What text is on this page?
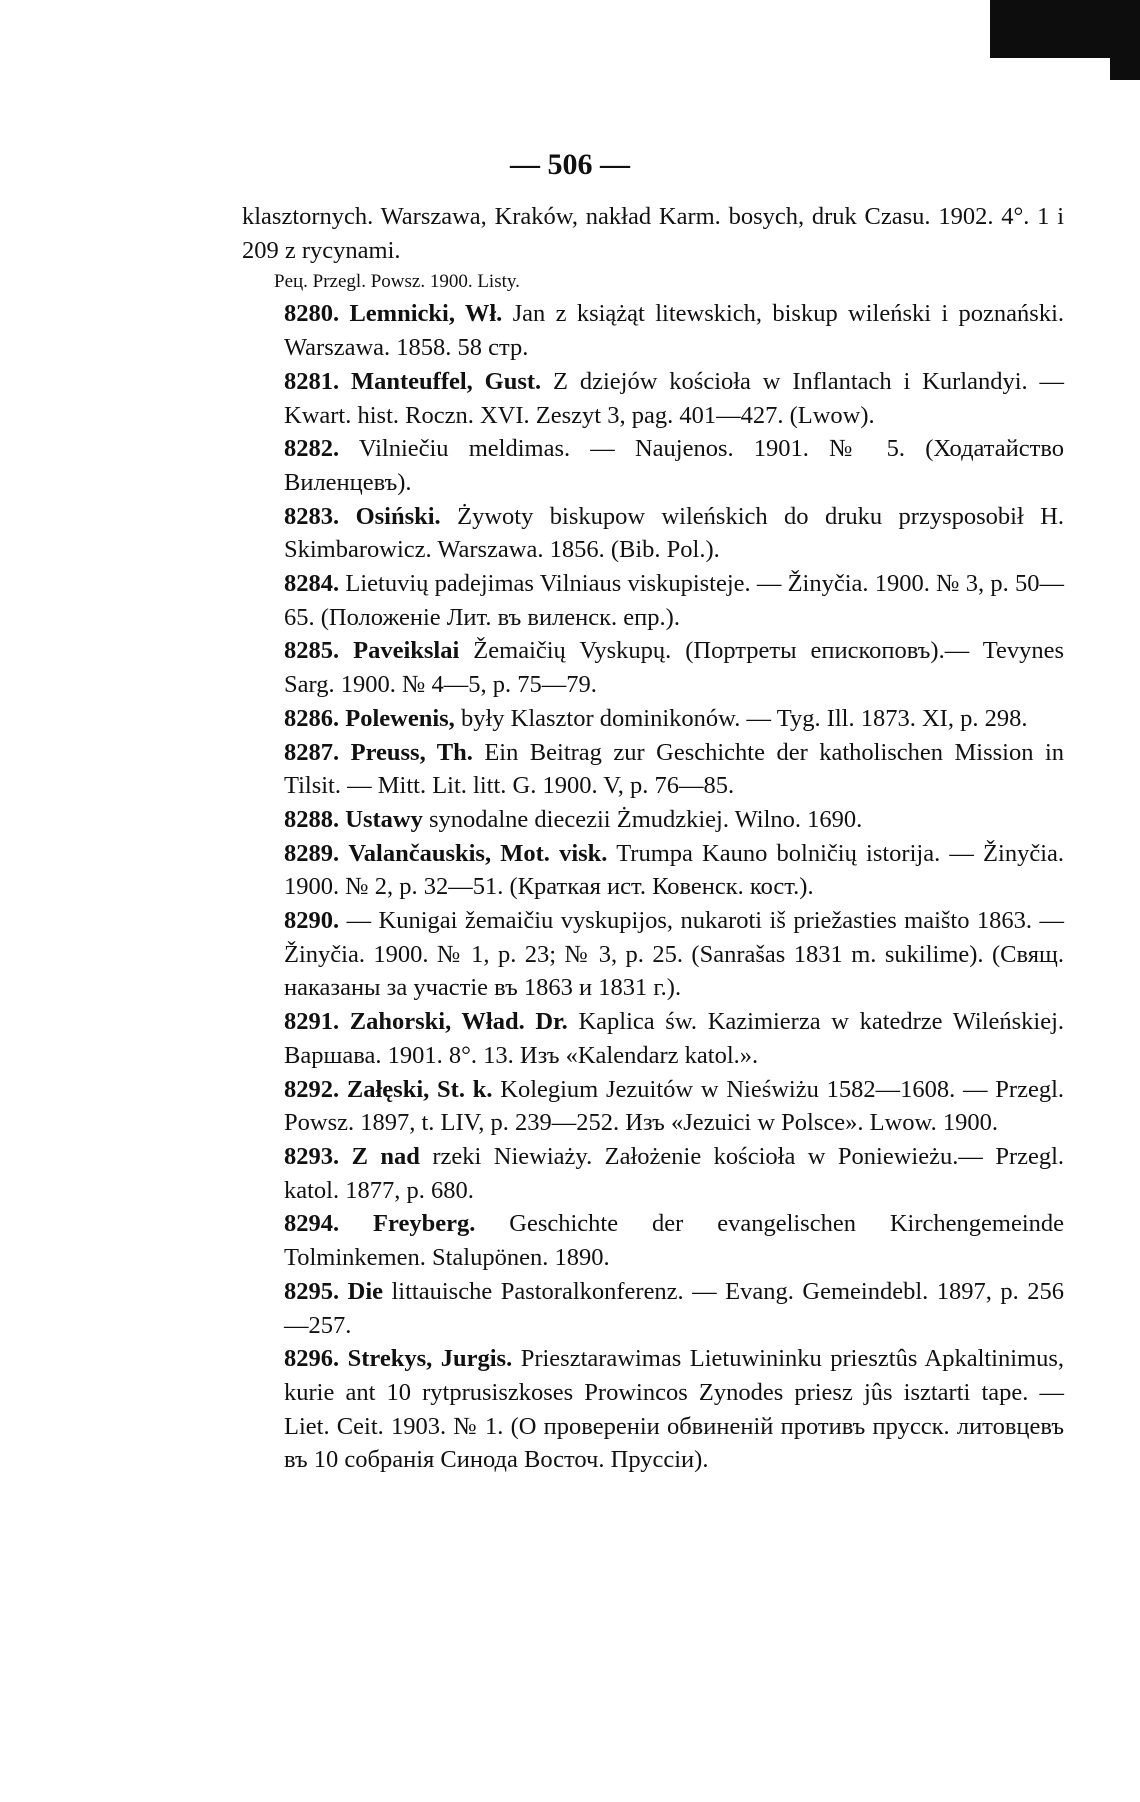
— 506 —
klasztornych. Warszawa, Kraków, nakład Karm. bosych, druk Czasu. 1902. 4°. 1 i 209 z rycynami.
Peц. Przegl. Powsz. 1900. Listy.
8280. Lemnicki, Wł. Jan z książąt litewskich, biskup wileński i poznański. Warszawa. 1858. 58 стр.
8281. Manteuffel, Gust. Z dziejów kościoła w Inflantach i Kurlandyi. — Kwart. hist. Roczn. XVI. Zeszyt 3, pag. 401—427. (Lwow).
8282. Vilniečiu meldimas. — Naujenos. 1901. № 5. (Ходатайство Виленцевъ).
8283. Osiński. Żywoty biskupow wileńskich do druku przysposobił H. Skimbarowicz. Warszawa. 1856. (Bib. Pol.).
8284. Lietuvių padejimas Vilniaus viskupisteje. — Žinyčia. 1900. № 3, p. 50—65. (Положеніе Лит. въ виленск. епр.).
8285. Paveikslai Žemaičių Vyskupų. (Портреты епископовъ).— Tevynes Sarg. 1900. № 4—5, p. 75—79.
8286. Polewenis, były Klasztor dominikonów. — Tyg. Ill. 1873. XI, p. 298.
8287. Preuss, Th. Ein Beitrag zur Geschichte der katholischen Mission in Tilsit. — Mitt. Lit. litt. G. 1900. V, p. 76—85.
8288. Ustawy synodalne diecezii Żmudzkiej. Wilno. 1690.
8289. Valančauskis, Mot. visk. Trumpa Kauno bolničių istorija. — Žinyčia. 1900. № 2, p. 32—51. (Краткая ист. Ковенск. кост.).
8290. — Kunigai žemaičiu vyskupijos, nukaroti iš priežasties maišto 1863. — Žinyčia. 1900. № 1, p. 23; № 3, p. 25. (Sanrašas 1831 m. sukilime). (Свящ. наказаны за участіе въ 1863 и 1831 г.).
8291. Zahorski, Wład. Dr. Kaplica św. Kazimierza w katedrze Wileńskiej. Варшава. 1901. 8°. 13. Изъ «Kalendarz katol.».
8292. Załęski, St. k. Kolegium Jezuitów w Nieświżu 1582—1608. — Przegl. Powsz. 1897, t. LIV, p. 239—252. Изъ «Jezuici w Polsce». Lwow. 1900.
8293. Z nad rzeki Niewiaży. Założenie kościoła w Poniewieżu.— Przegl. katol. 1877, p. 680.
8294. Freyberg. Geschichte der evangelischen Kirchengemeinde Tolminkemen. Stalupönen. 1890.
8295. Die littauische Pastoralkonferenz. — Evang. Gemeindebl. 1897, p. 256—257.
8296. Strekys, Jurgis. Priesztarawimas Lietuwininku priesztûs Apkaltinimus, kurie ant 10 rytprusiszkoses Prowincos Zynodes priesz jûs isztarti tape. — Liet. Ceit. 1903. № 1. (О провереніи обвиненій противъ прусск. литовцевъ въ 10 собранія Синода Восточ. Пруссіи).
